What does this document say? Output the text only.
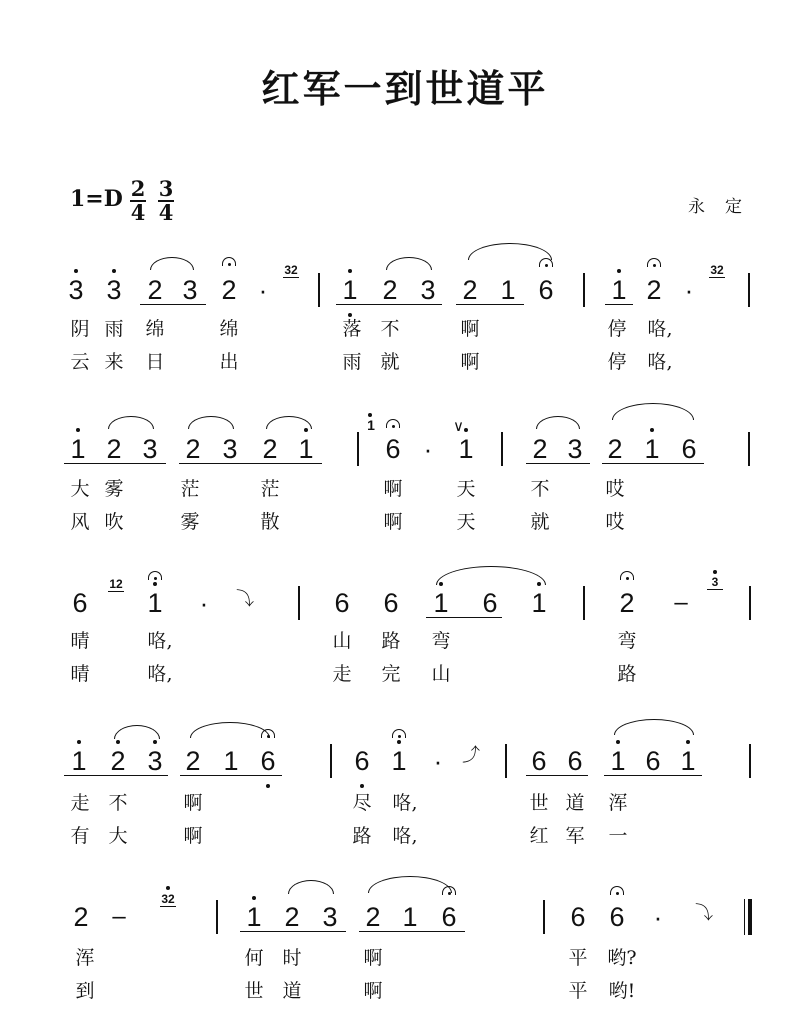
红军一到世道平
1=D 2
4
3
4	永定
3 3 2 3 2 ·
32
1 2 3 2 1 6	1 2 ·
32
阴 雨 绵	绵	落 不	啊	停 咯,
云 来 日	出	雨 就	啊	停 咯,
1 2 3	2 3 2 1
1
6 ·
∨
1	2 3 2 1 6
大 雾	茫	茫	啊	天	不	哎
风 吹	雾	散	啊	天	就	哎
6
12
1	· ⤵	6	6	1	6	1	2	–
3
晴	咯,	山 路 弯	弯
晴	咯,	走 完 山	路
1 2 3 2 1 6	6 1	· ⤴	6 6	1 6 1
走 不	啊	尽 咯,	世 道 浑
有 大	啊	路 咯,	红 军 一
2 –
32
1 2 3	2 1 6	6 6	· ⤵
浑	何 时	啊	平 哟?
到	世 道	啊	平 哟!
